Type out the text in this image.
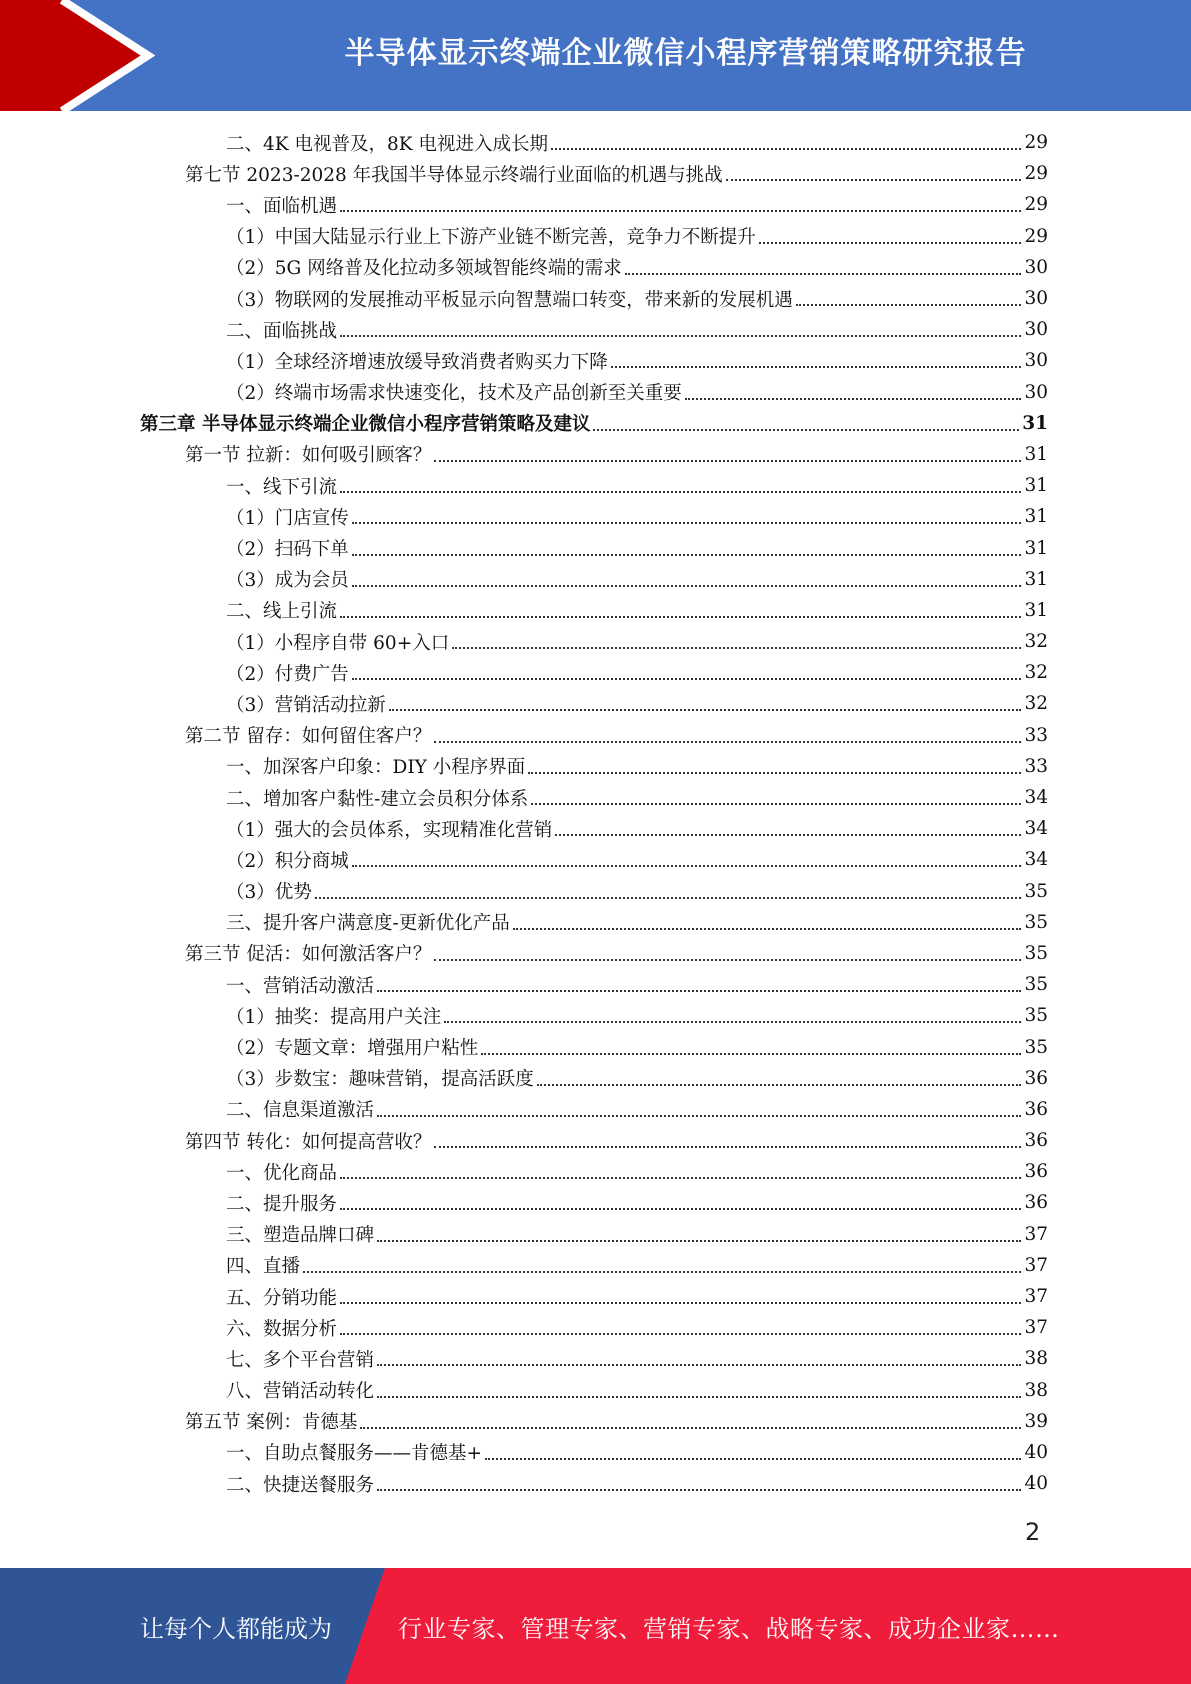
半导体显示终端企业微信小程序营销策略研究报告
二、4K 电视普及，8K 电视进入成长期	29
第七节 2023-2028 年我国半导体显示终端行业面临的机遇与挑战	29
一、面临机遇	29
（1）中国大陆显示行业上下游产业链不断完善，竞争力不断提升	29
（2）5G 网络普及化拉动多领域智能终端的需求	30
（3）物联网的发展推动平板显示向智慧端口转变，带来新的发展机遇	30
二、面临挑战	30
（1）全球经济增速放缓导致消费者购买力下降	30
（2）终端市场需求快速变化，技术及产品创新至关重要	30
第三章 半导体显示终端企业微信小程序营销策略及建议	31
第一节 拉新：如何吸引顾客？	31
一、线下引流	31
（1）门店宣传	31
（2）扫码下单	31
（3）成为会员	31
二、线上引流	31
（1）小程序自带 60+入口	32
（2）付费广告	32
（3）营销活动拉新	32
第二节 留存：如何留住客户？	33
一、加深客户印象：DIY 小程序界面	33
二、增加客户黏性-建立会员积分体系	34
（1）强大的会员体系，实现精准化营销	34
（2）积分商城	34
（3）优势	35
三、提升客户满意度-更新优化产品	35
第三节 促活：如何激活客户？	35
一、营销活动激活	35
（1）抽奖：提高用户关注	35
（2）专题文章：增强用户粘性	35
（3）步数宝：趣味营销，提高活跃度	36
二、信息渠道激活	36
第四节 转化：如何提高营收？	36
一、优化商品	36
二、提升服务	36
三、塑造品牌口碑	37
四、直播	37
五、分销功能	37
六、数据分析	37
七、多个平台营销	38
八、营销活动转化	38
第五节 案例：肯德基	39
一、自助点餐服务——肯德基+	40
二、快捷送餐服务	40
2
让每个人都能成为	行业专家、管理专家、营销专家、战略专家、成功企业家……
